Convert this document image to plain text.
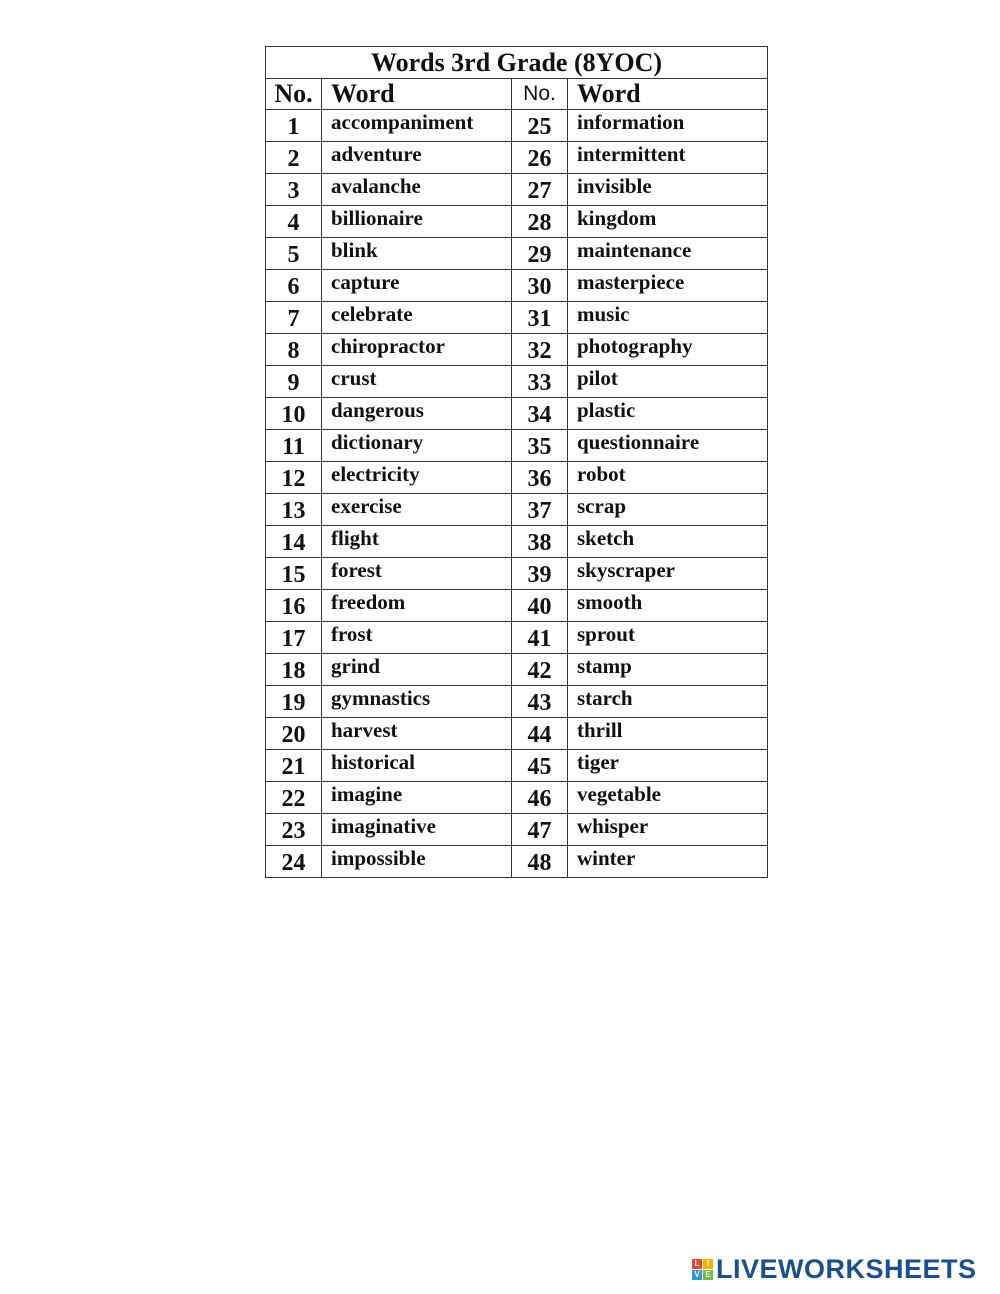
Words 3rd Grade (8YOC)			
No.	Word	No.	Word
1	accompaniment	25	information
2	adventure	26	intermittent
3	avalanche	27	invisible
4	billionaire	28	kingdom
5	blink	29	maintenance
6	capture	30	masterpiece
7	celebrate	31	music
8	chiropractor	32	photography
9	crust	33	pilot
10	dangerous	34	plastic
11	dictionary	35	questionnaire
12	electricity	36	robot
13	exercise	37	scrap
14	flight	38	sketch
15	forest	39	skyscraper
16	freedom	40	smooth
17	frost	41	sprout
18	grind	42	stamp
19	gymnastics	43	starch
20	harvest	44	thrill
21	historical	45	tiger
22	imagine	46	vegetable
23	imaginative	47	whisper
24	impossible	48	winter
L I
V E LIVEWORKSHEETS
